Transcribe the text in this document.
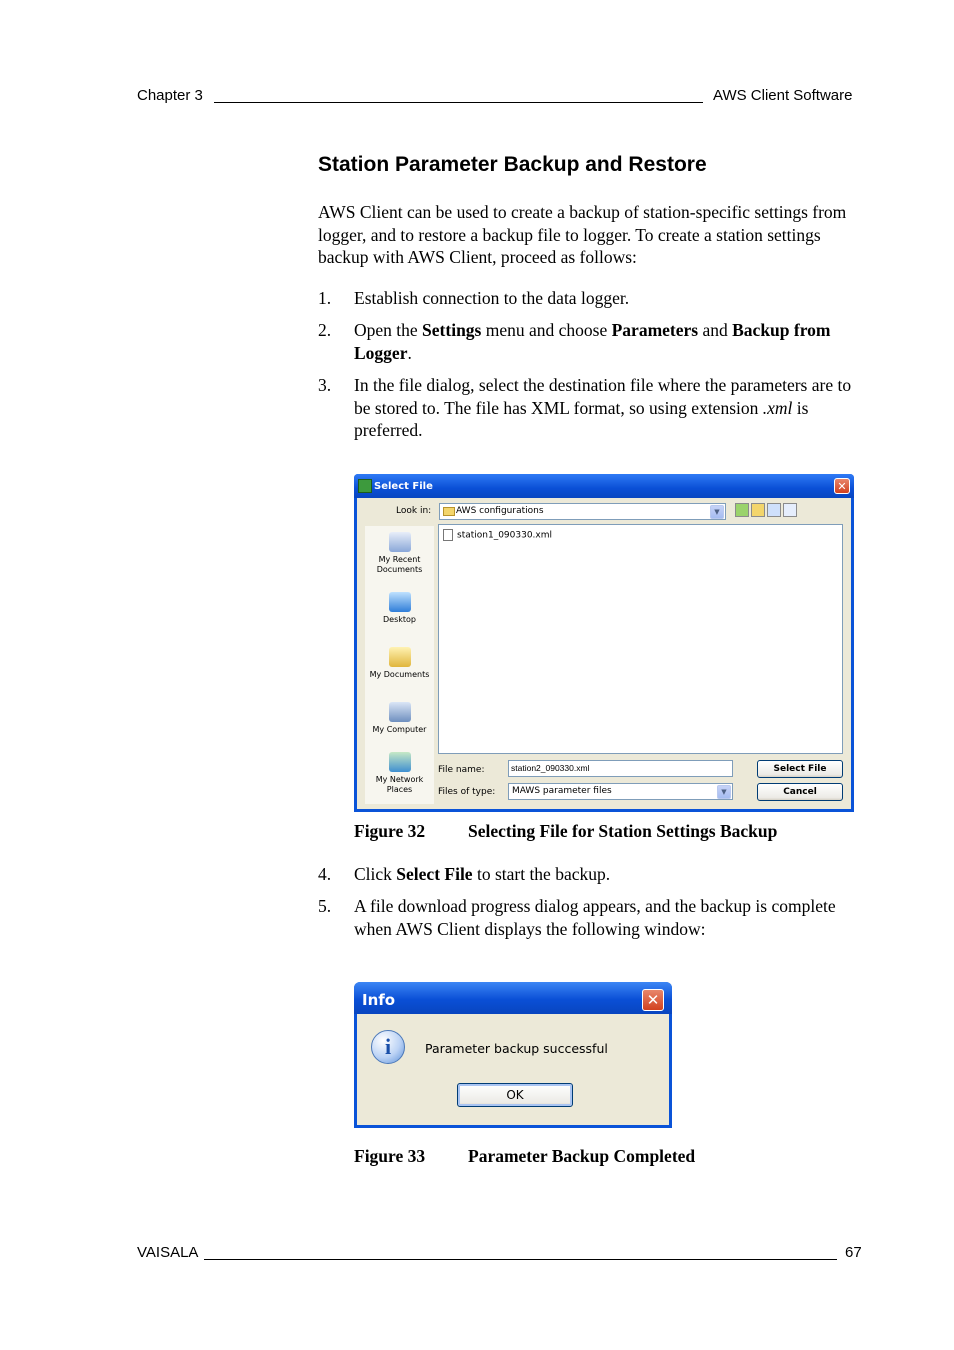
Chapter 3	AWS Client Software
Station Parameter Backup and Restore

AWS Client can be used to create a backup of station-specific settings from logger, and to restore a backup file to logger. To create a station settings backup with AWS Client, proceed as follows:

1. Establish connection to the data logger.
2. Open the Settings menu and choose Parameters and Backup from Logger.
3. In the file dialog, select the destination file where the parameters are to be stored to. The file has XML format, so using extension .xml is preferred.
Select File	✕
Look in:	AWS configurations	▼
My Recent Documents
Desktop
My Documents
My Computer
My Network Places
station1_090330.xml
File name:	station2_090330.xml	Select File
Files of type: MAWS parameter files	▼	Cancel
Figure 32 Selecting File for Station Settings Backup
4. Click Select File to start the backup.
5. A file download progress dialog appears, and the backup is complete when AWS Client displays the following window:
Info	✕
i	Parameter backup successful
OK
Figure 33 Parameter Backup Completed
VAISALA	67
